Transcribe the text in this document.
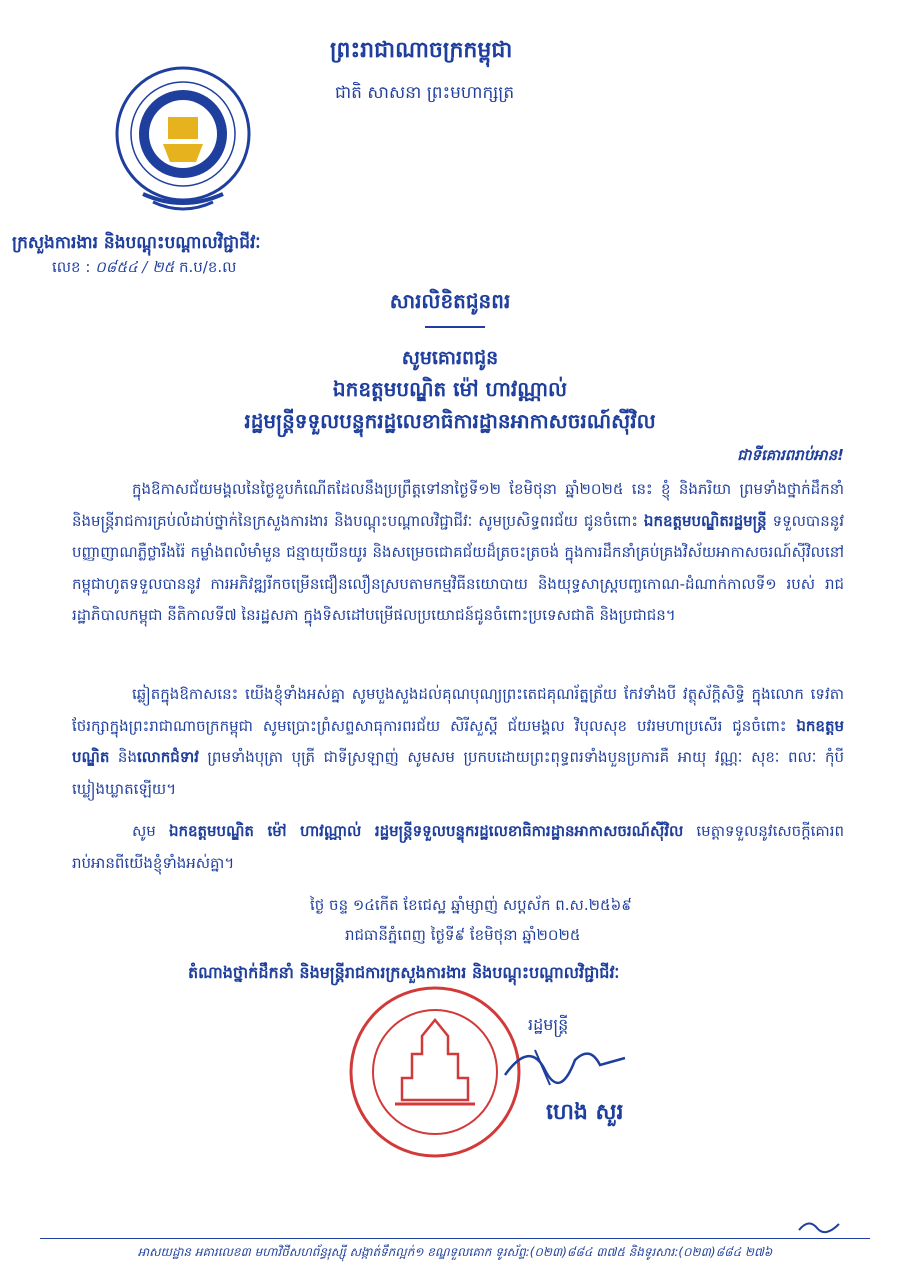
ព្រះរាជាណាចក្រកម្ពុជា
ជាតិ សាសនា ព្រះមហាក្សត្រ
ក្រសួងការងារ និងបណ្តុះបណ្តាលវិជ្ជាជីវៈ
លេខ : ០៨៥៤ / ២៥ ក.ប/ខ.ល
សារលិខិតជូនពរ
សូមគោរពជូន
ឯកឧត្តមបណ្ឌិត ម៉ៅ ហាវណ្ណាល់
រដ្ឋមន្ត្រីទទួលបន្ទុករដ្ឋលេខាធិការដ្ឋានអាកាសចរណ៍ស៊ីវិល
ជាទីគោរពរាប់អាន!
ក្នុងឱកាសជ័យមង្គលនៃថ្ងៃខួបកំណើតដែលនឹងប្រព្រឹត្តទៅនាថ្ងៃទី១២ ខែមិថុនា ឆ្នាំ២០២៥ នេះ ខ្ញុំ និងភរិយា ព្រមទាំងថ្នាក់ដឹកនាំ និងមន្ត្រីរាជការគ្រប់លំដាប់ថ្នាក់នៃក្រសួងការងារ និងបណ្តុះបណ្តាលវិជ្ជាជីវៈ សូមប្រសិទ្ធពរជ័យ ជូនចំពោះ ឯកឧត្តមបណ្ឌិតរដ្ឋមន្ត្រី ទទួលបាននូវបញ្ញាញាណភ្លឺថ្លារឹងរ៉ៃ កម្លាំងពលំមាំមួន ជន្មាយុយឺនយូរ និងសម្រេចជោគជ័យដ៏ត្រចះត្រចង់ ក្នុងការដឹកនាំគ្រប់គ្រងវិស័យអាកាសចរណ៍ស៊ីវិលនៅកម្ពុជាហូតទទួលបាននូវ ការអភិវឌ្ឍរីកចម្រើនជឿនលឿនស្របតាមកម្មវិធីនយោបាយ និងយុទ្ធសាស្ត្របញ្ចកោណ-ដំណាក់កាលទី១ របស់ រាជរដ្ឋាភិបាលកម្ពុជា នីតិកាលទី៧ នៃរដ្ឋសភា ក្នុងទិសដៅបម្រើផលប្រយោជន៍ជូនចំពោះប្រទេសជាតិ និងប្រជាជន។
ឆ្លៀតក្នុងឱកាសនេះ យើងខ្ញុំទាំងអស់គ្នា សូមបួងសួងដល់គុណបុណ្យព្រះតេជគុណរ័ត្នត្រ័យ កែវទាំងបី វត្ថុស័ក្តិសិទ្ធិ ក្នុងលោក ទេវតាថែរក្សាក្នុងព្រះរាជាណាចក្រកម្ពុជា សូមប្រោះព្រំសព្ទសាធុការពរជ័យ សិរីសួស្តី ជ័យមង្គល វិបុលសុខ បវរមហាប្រសើរ ជូនចំពោះ ឯកឧត្តមបណ្ឌិត និងលោកជំទាវ ព្រមទាំងបុត្រា បុត្រី ជាទីស្រឡាញ់ សូមសម ប្រកបដោយព្រះពុទ្ធពរទាំងបួនប្រការគឺ អាយុ វណ្ណៈ សុខៈ ពលៈ កុំបីឃ្លៀងឃ្លាតឡើយ។
សូម ឯកឧត្តមបណ្ឌិត ម៉ៅ ហាវណ្ណាល់ រដ្ឋមន្ត្រីទទួលបន្ទុករដ្ឋលេខាធិការដ្ឋានអាកាសចរណ៍ស៊ីវិល មេត្តាទទួលនូវសេចក្តីគោរពរាប់អានពីយើងខ្ញុំទាំងអស់គ្នា។
ថ្ងៃ ចន្ទ ១៤កើត ខែជេស្ឋ ឆ្នាំម្សាញ់ សប្តស័ក ព.ស.២៥៦៩
រាជធានីភ្នំពេញ ថ្ងៃទី៩ ខែមិថុនា ឆ្នាំ២០២៥
តំណាងថ្នាក់ដឹកនាំ និងមន្ត្រីរាជការក្រសួងការងារ និងបណ្តុះបណ្តាលវិជ្ជាជីវៈ
រដ្ឋមន្ត្រី
ហេង សួរ
អាសយដ្ឋាន អគារលេខ៣ មហាវិថីសហព័ន្ធរុស្ស៊ី សង្កាត់ទឹកល្អក់១ ខណ្ឌទួលគោក ទូរស័ព្ទ:(០២៣)៨៨៤ ៣៧៥ និងទូរសារ:(០២៣)៨៨៤ ២៧៦
